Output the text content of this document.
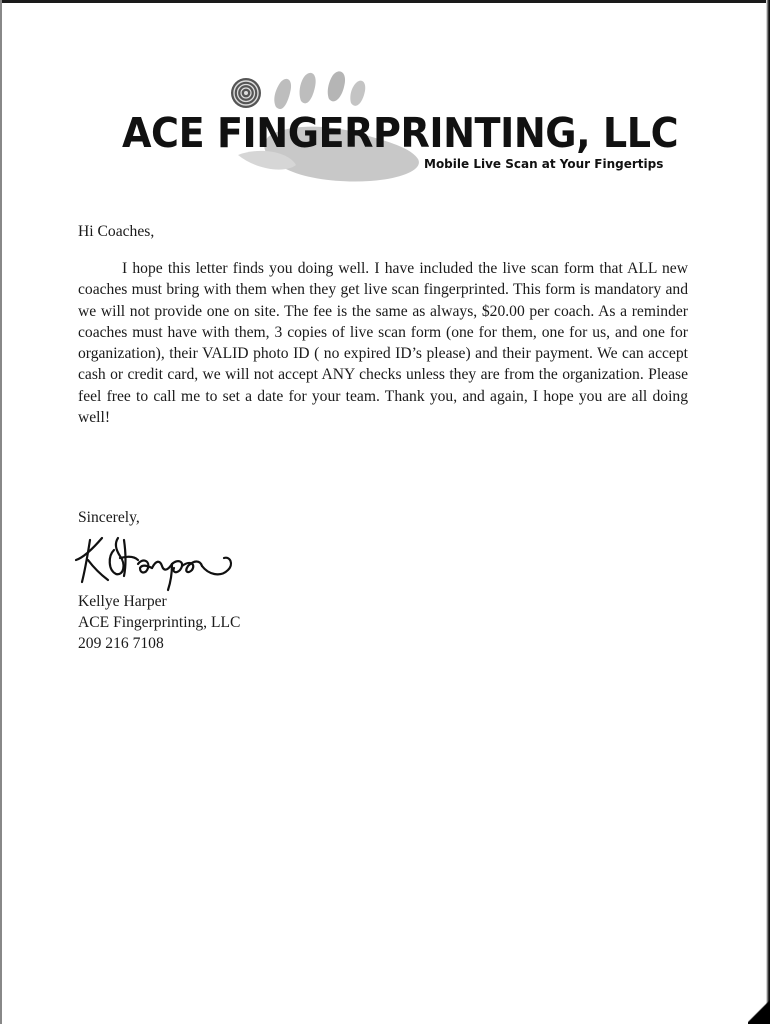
ACE FINGERPRINTING, LLC
Mobile Live Scan at Your Fingertips
Hi Coaches,
I hope this letter finds you doing well. I have included the live scan form that ALL new coaches must bring with them when they get live scan fingerprinted. This form is mandatory and we will not provide one on site. The fee is the same as always, $20.00 per coach. As a reminder coaches must have with them, 3 copies of live scan form (one for them, one for us, and one for organization), their VALID photo ID ( no expired ID’s please) and their payment. We can accept cash or credit card, we will not accept ANY checks unless they are from the organization. Please feel free to call me to set a date for your team. Thank you, and again, I hope you are all doing well!
Sincerely,
Kellye Harper
ACE Fingerprinting, LLC
209 216 7108
